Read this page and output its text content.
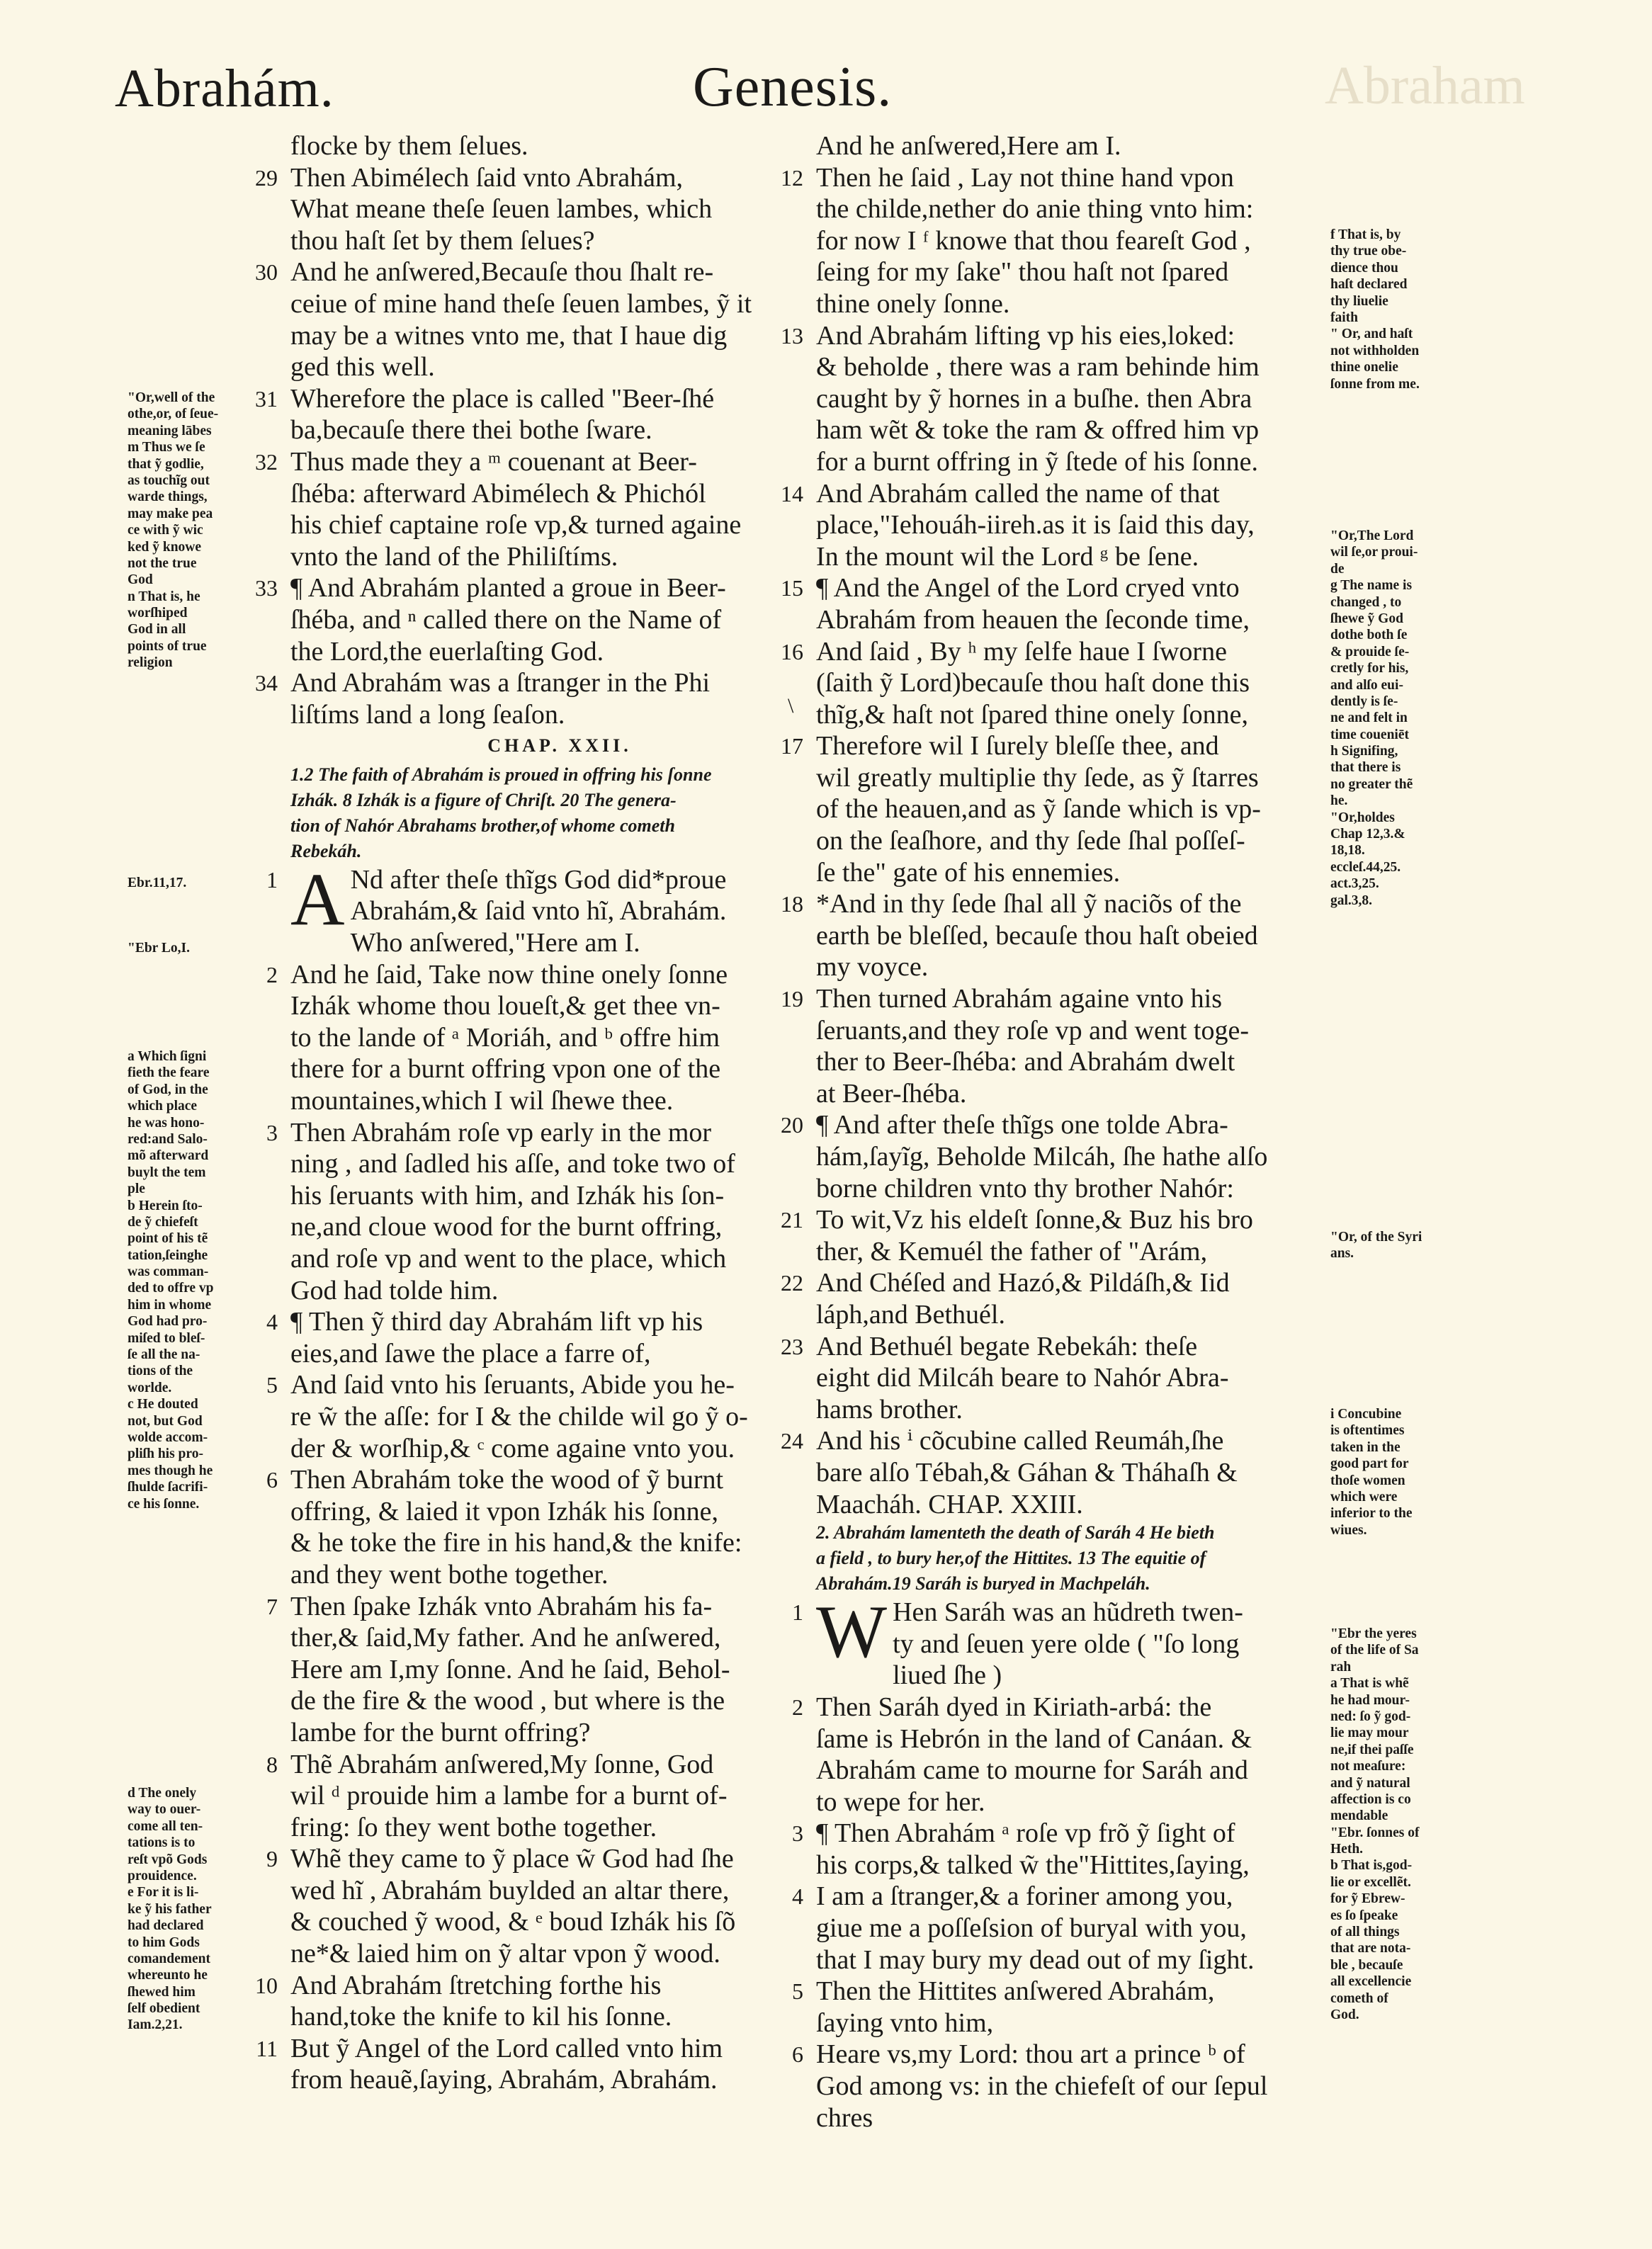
Abrahám.	Genesis.	Abraham
flocke by them ſelues.
29 Then Abimélech ſaid vnto Abrahám,
What meane theſe ſeuen lambes, which
thou haſt ſet by them ſelues?
30 And he anſwered,Becauſe thou ſhalt re-
ceiue of mine hand theſe ſeuen lambes, ỹ it
may be a witnes vnto me, that I haue dig
ged this well.
31 Wherefore the place is called "Beer-ſhé
ba,becauſe there thei bothe ſware.
32 Thus made they a ᵐ couenant at Beer-
ſhéba: afterward Abimélech & Phichól
his chief captaine roſe vp,& turned againe
vnto the land of the Philiſtíms.
33 ¶ And Abrahám planted a groue in Beer-
ſhéba, and ⁿ called there on the Name of
the Lord,the euerlaſting God.
34 And Abrahám was a ſtranger in the Phi
liſtíms land a long ſeaſon.
CHAP. XXII.
1.2 The faith of Abrahám is proued in offring his ſonne
Izhák. 8 Izhák is a figure of Chriſt. 20 The genera-
tion of Nahór Abrahams brother,of whome cometh
Rebekáh.
1 A Nd after theſe thĩgs God did*proue
Abrahám,& ſaid vnto hĩ, Abrahám.
Who anſwered,"Here am I.
2 And he ſaid, Take now thine onely ſonne
Izhák whome thou loueſt,& get thee vn-
to the lande of ᵃ Moriáh, and ᵇ offre him
there for a burnt offring vpon one of the
mountaines,which I wil ſhewe thee.
3 Then Abrahám roſe vp early in the mor
ning , and ſadled his aſſe, and toke two of
his ſeruants with him, and Izhák his ſon-
ne,and cloue wood for the burnt offring,
and roſe vp and went to the place, which
God had tolde him.
4 ¶ Then ỹ third day Abrahám lift vp his
eies,and ſawe the place a farre of,
5 And ſaid vnto his ſeruants, Abide you he-
re w̃ the aſſe: for I & the childe wil go ỹ o-
der & worſhip,& ᶜ come againe vnto you.
6 Then Abrahám toke the wood of ỹ burnt
offring, & laied it vpon Izhák his ſonne,
& he toke the fire in his hand,& the knife:
and they went bothe together.
7 Then ſpake Izhák vnto Abrahám his fa-
ther,& ſaid,My father. And he anſwered,
Here am I,my ſonne. And he ſaid, Behol-
de the fire & the wood , but where is the
lambe for the burnt offring?
8 Thẽ Abrahám anſwered,My ſonne, God
wil ᵈ prouide him a lambe for a burnt of-
fring: ſo they went bothe together.
9 Whẽ they came to ỹ place w̃ God had ſhe
wed hĩ , Abrahám buylded an altar there,
& couched ỹ wood, & ᵉ boud Izhák his ſõ
ne*& laied him on ỹ altar vpon ỹ wood.
10 And Abrahám ſtretching forthe his
hand,toke the knife to kil his ſonne.
11 But ỹ Angel of the Lord called vnto him
from heauẽ,ſaying, Abrahám, Abrahám.
And he anſwered,Here am I.
12 Then he ſaid , Lay not thine hand vpon
the childe,nether do anie thing vnto him:
for now I ᶠ knowe that thou feareſt God ,
ſeing for my ſake" thou haſt not ſpared
thine onely ſonne.
13 And Abrahám lifting vp his eies,loked:
& beholde , there was a ram behinde him
caught by ỹ hornes in a buſhe. then Abra
ham wẽt & toke the ram & offred him vp
for a burnt offring in ỹ ſtede of his ſonne.
14 And Abrahám called the name of that
place,"Iehouáh-iireh.as it is ſaid this day,
In the mount wil the Lord ᵍ be ſene.
15 ¶ And the Angel of the Lord cryed vnto
Abrahám from heauen the ſeconde time,
16 And ſaid , By ʰ my ſelfe haue I ſworne
(ſaith ỹ Lord)becauſe thou haſt done this
thĩg,& haſt not ſpared thine onely ſonne,
17 Therefore wil I ſurely bleſſe thee, and
wil greatly multiplie thy ſede, as ỹ ſtarres
of the heauen,and as ỹ ſande which is vp-
on the ſeaſhore, and thy ſede ſhal poſſeſ-
ſe the" gate of his ennemies.
18 *And in thy ſede ſhal all ỹ naciõs of the
earth be bleſſed, becauſe thou haſt obeied
my voyce.
19 Then turned Abrahám againe vnto his
ſeruants,and they roſe vp and went toge-
ther to Beer-ſhéba: and Abrahám dwelt
at Beer-ſhéba.
20 ¶ And after theſe thĩgs one tolde Abra-
hám,ſayĩg, Beholde Milcáh, ſhe hathe alſo
borne children vnto thy brother Nahór:
21 To wit,Vz his eldeſt ſonne,& Buz his bro
ther, & Kemuél the father of "Arám,
22 And Chéſed and Hazó,& Pildáſh,& Iid
láph,and Bethuél.
23 And Bethuél begate Rebekáh: theſe
eight did Milcáh beare to Nahór Abra-
hams brother.
24 And his ⁱ cõcubine called Reumáh,ſhe
bare alſo Tébah,& Gáhan & Tháhaſh &
Maacháh. CHAP. XXIII.
2. Abrahám lamenteth the death of Saráh 4 He bieth
a field , to bury her,of the Hittites. 13 The equitie of
Abrahám.19 Saráh is buryed in Machpeláh.
1 W Hen Saráh was an hũdreth twen-
ty and ſeuen yere olde ( "ſo long
liued ſhe )
2 Then Saráh dyed in Kiriath-arbá: the
ſame is Hebrón in the land of Canáan. &
Abrahám came to mourne for Saráh and
to wepe for her.
3 ¶ Then Abrahám ᵃ roſe vp frõ ỹ ſight of
his corps,& talked w̃ the"Hittites,ſaying,
4 I am a ſtranger,& a foriner among you,
giue me a poſſeſsion of buryal with you,
that I may bury my dead out of my ſight.
5 Then the Hittites anſwered Abrahám,
ſaying vnto him,
6 Heare vs,my Lord: thou art a prince ᵇ of
God among vs: in the chiefeſt of our ſepul
chres
"Or,well of the
othe,or, of ſeue-
meaning lābes
m Thus we ſe
that ỹ godlie,
as touchĩg out
warde things,
may make pea
ce with ỹ wic
ked ỹ knowe
not the true
God
n That is, he
worſhiped
God in all
points of true
religion
Ebr.11,17.
"Ebr Lo,I.
a Which ſigni
fieth the feare
of God, in the
which place
he was hono-
red:and Salo-
mõ afterward
buylt the tem
ple
b Herein ſto-
de ỹ chiefeſt
point of his tẽ
tation,ſeinghe
was comman-
ded to offre vp
him in whome
God had pro-
miſed to bleſ-
ſe all the na-
tions of the
worlde.
c He douted
not, but God
wolde accom-
pliſh his pro-
mes though he
ſhulde ſacrifi-
ce his ſonne.
d The onely
way to ouer-
come all ten-
tations is to
reſt vpõ Gods
prouidence.
e For it is li-
ke ỹ his father
had declared
to him Gods
comandement
whereunto he
ſhewed him
ſelf obedient
Iam.2,21.
f That is, by
thy true obe-
dience thou
haſt declared
thy liuelie
faith
" Or, and haſt
not withholden
thine onelie
ſonne from me.
"Or,The Lord
wil ſe,or proui-
de
g The name is
changed , to
ſhewe ỹ God
dothe both ſe
& prouide ſe-
cretly for his,
and alſo eui-
dently is ſe-
ne and felt in
time coueniēt
h Signifing,
that there is
no greater thẽ
he.
"Or,holdes
Chap 12,3.&
18,18.
eccleſ.44,25.
act.3,25.
gal.3,8.
"Or, of the Syri
ans.
i Concubine
is oftentimes
taken in the
good part for
thoſe women
which were
inferior to the
wiues.
"Ebr the yeres
of the life of Sa
rah
a That is whẽ
he had mour-
ned: ſo ỹ god-
lie may mour
ne,if thei paſſe
not meaſure:
and ỹ natural
affection is co
mendable
"Ebr. ſonnes of
Heth.
b That is,god-
lie or excellẽt.
for ỹ Ebrew-
es ſo ſpeake
of all things
that are nota-
ble , becauſe
all excellencie
cometh of
God.
\
